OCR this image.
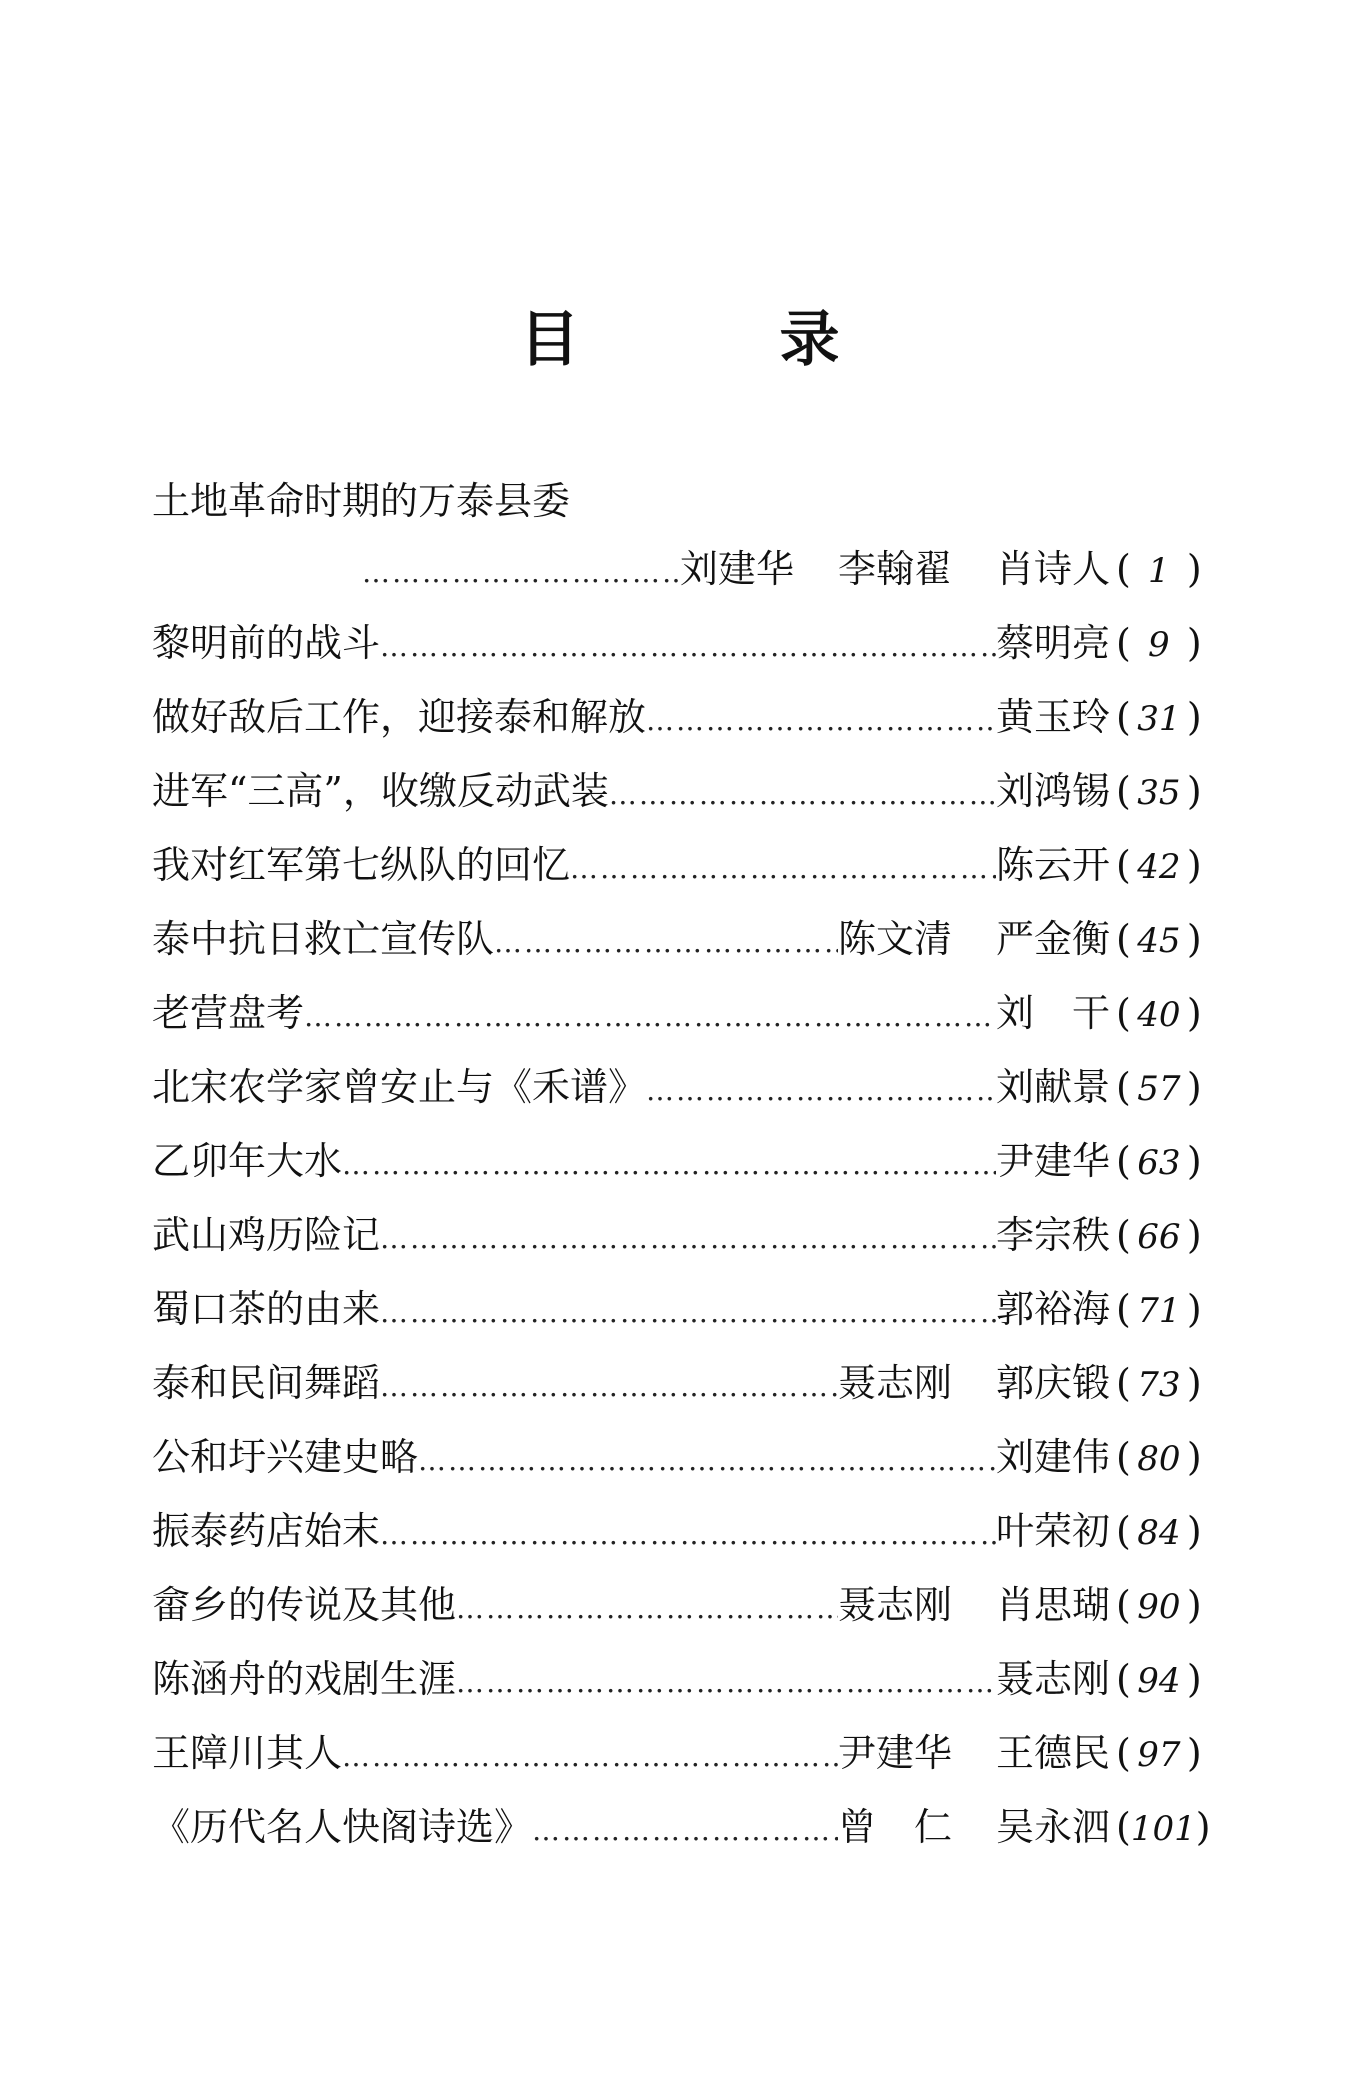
目	录
土地革命时期的万泰县委
……………………………………………………………………………………………………………………………
刘建华 李翰翟 肖诗人 ( 1 )
黎明前的战斗 ……………………………………………………………………………………………………………………………	蔡明亮 ( 9 )
做好敌后工作，迎接泰和解放 ……………………………………………………………………………………………………………………………	黄玉玲 ( 31 )
进军“三高”，收缴反动武装 ……………………………………………………………………………………………………………………………	刘鸿锡 ( 35 )
我对红军第七纵队的回忆 ……………………………………………………………………………………………………………………………	陈云开 ( 42 )
泰中抗日救亡宣传队 ……………………………………………………………………………………………………………………………	陈文清 严金衡 ( 45 )
老营盘考 ……………………………………………………………………………………………………………………………	刘　干 ( 40 )
北宋农学家曾安止与《禾谱》 ……………………………………………………………………………………………………………………………	刘献景 ( 57 )
乙卯年大水 ……………………………………………………………………………………………………………………………	尹建华 ( 63 )
武山鸡历险记 ……………………………………………………………………………………………………………………………	李宗秩 ( 66 )
蜀口茶的由来 ……………………………………………………………………………………………………………………………	郭裕海 ( 71 )
泰和民间舞蹈 ……………………………………………………………………………………………………………………………	聂志刚 郭庆锻 ( 73 )
公和圩兴建史略 ……………………………………………………………………………………………………………………………	刘建伟 ( 80 )
振泰药店始末 ……………………………………………………………………………………………………………………………	叶荣初 ( 84 )
畲乡的传说及其他 ……………………………………………………………………………………………………………………………	聂志刚 肖思瑚 ( 90 )
陈涵舟的戏剧生涯 ……………………………………………………………………………………………………………………………	聂志刚 ( 94 )
王障川其人 ……………………………………………………………………………………………………………………………	尹建华 王德民 ( 97 )
《历代名人快阁诗选》 ……………………………………………………………………………………………………………………………	曾　仁 吴永泗 (101)
